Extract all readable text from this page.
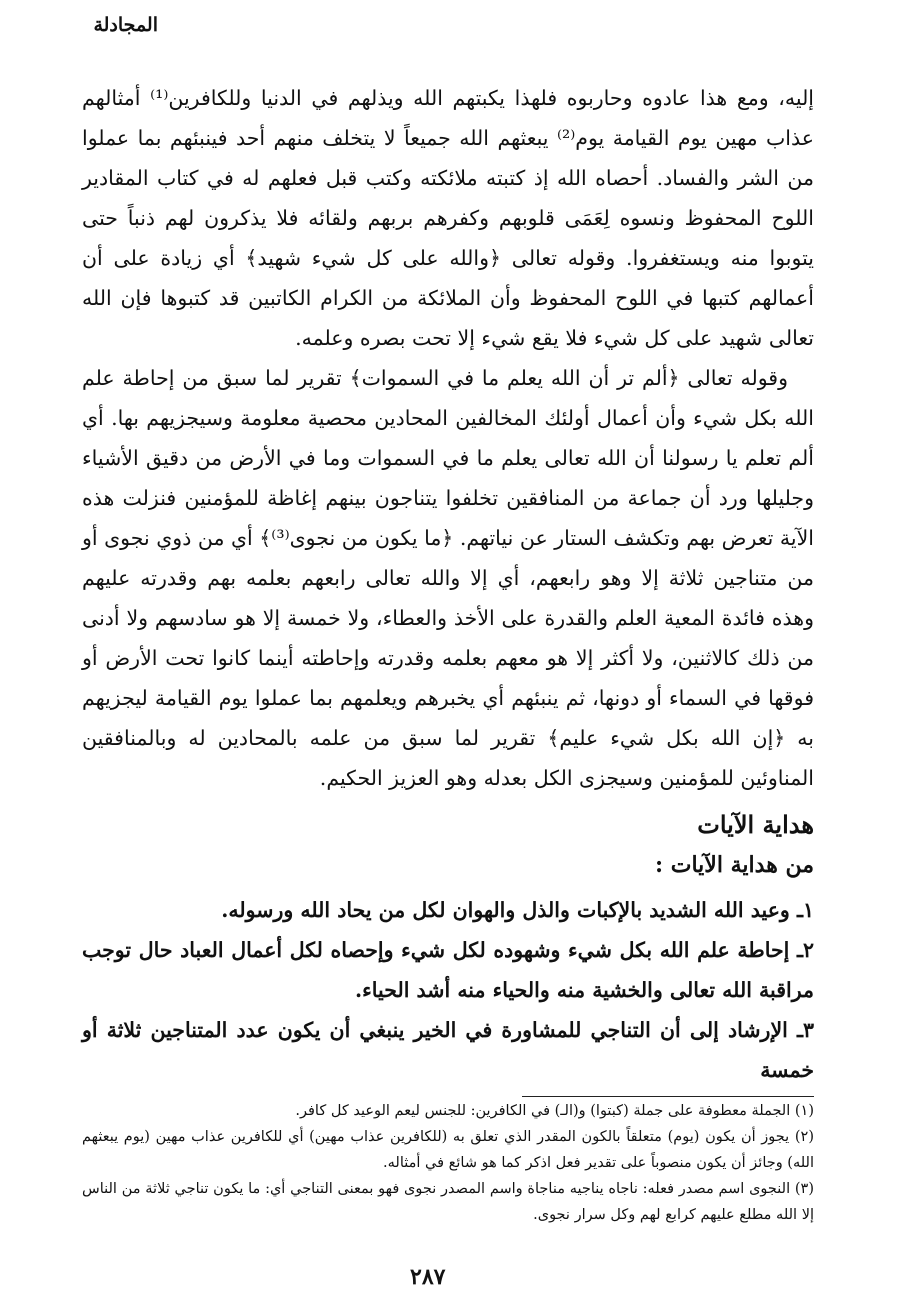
المجادلة

إليه، ومع هذا عادوه وحاربوه فلهذا يكبتهم الله ويذلهم في الدنيا وللكافرين⁽¹⁾ أمثالهم عذاب مهين يوم القيامة يوم⁽²⁾ يبعثهم الله جميعاً لا يتخلف منهم أحد فينبئهم بما عملوا من الشر والفساد. أحصاه الله إذ كتبته ملائكته وكتب قبل فعلهم له في كتاب المقادير اللوح المحفوظ ونسوه لِعَمَى قلوبهم وكفرهم بربهم ولقائه فلا يذكرون لهم ذنباً حتى يتوبوا منه ويستغفروا. وقوله تعالى ﴿والله على كل شيء شهيد﴾ أي زيادة على أن أعمالهم كتبها في اللوح المحفوظ وأن الملائكة من الكرام الكاتبين قد كتبوها فإن الله تعالى شهيد على كل شيء فلا يقع شيء إلا تحت بصره وعلمه.

وقوله تعالى ﴿ألم تر أن الله يعلم ما في السموات﴾ تقرير لما سبق من إحاطة علم الله بكل شيء وأن أعمال أولئك المخالفين المحادين محصية معلومة وسيجزيهم بها. أي ألم تعلم يا رسولنا أن الله تعالى يعلم ما في السموات وما في الأرض من دقيق الأشياء وجليلها ورد أن جماعة من المنافقين تخلفوا يتناجون بينهم إغاظة للمؤمنين فنزلت هذه الآية تعرض بهم وتكشف الستار عن نياتهم. ﴿ما يكون من نجوى⁽³⁾﴾ أي من ذوي نجوى أو من متناجين ثلاثة إلا وهو رابعهم، أي إلا والله تعالى رابعهم بعلمه بهم وقدرته عليهم وهذه فائدة المعية العلم والقدرة على الأخذ والعطاء، ولا خمسة إلا هو سادسهم ولا أدنى من ذلك كالاثنين، ولا أكثر إلا هو معهم بعلمه وقدرته وإحاطته أينما كانوا تحت الأرض أو فوقها في السماء أو دونها، ثم ينبئهم أي يخبرهم ويعلمهم بما عملوا يوم القيامة ليجزيهم به ﴿إن الله بكل شيء عليم﴾ تقرير لما سبق من علمه بالمحادين له وبالمنافقين المناوئين للمؤمنين وسيجزى الكل بعدله وهو العزيز الحكيم.

هداية الآيات
من هداية الآيات :

١ـ وعيد الله الشديد بالإكبات والذل والهوان لكل من يحاد الله ورسوله.

٢ـ إحاطة علم الله بكل شيء وشهوده لكل شيء وإحصاه لكل أعمال العباد حال توجب مراقبة الله تعالى والخشية منه والحياء منه أشد الحياء.

٣ـ الإرشاد إلى أن التناجي للمشاورة في الخير ينبغي أن يكون عدد المتناجين ثلاثة أو خمسة

(١) الجملة معطوفة على جملة (كبتوا) و(الـ) في الكافرين: للجنس ليعم الوعيد كل كافر.

(٢) يجوز أن يكون (يوم) متعلقاً بالكون المقدر الذي تعلق به (للكافرين عذاب مهين) أي للكافرين عذاب مهين (يوم يبعثهم الله) وجائز أن يكون منصوباً على تقدير فعل اذكر كما هو شائع في أمثاله.

(٣) النجوى اسم مصدر فعله: ناجاه يناجيه مناجاة واسم المصدر نجوى فهو بمعنى التناجي أي: ما يكون تناجي ثلاثة من الناس إلا الله مطلع عليهم كرابع لهم وكل سرار نجوى.

٢٨٧
